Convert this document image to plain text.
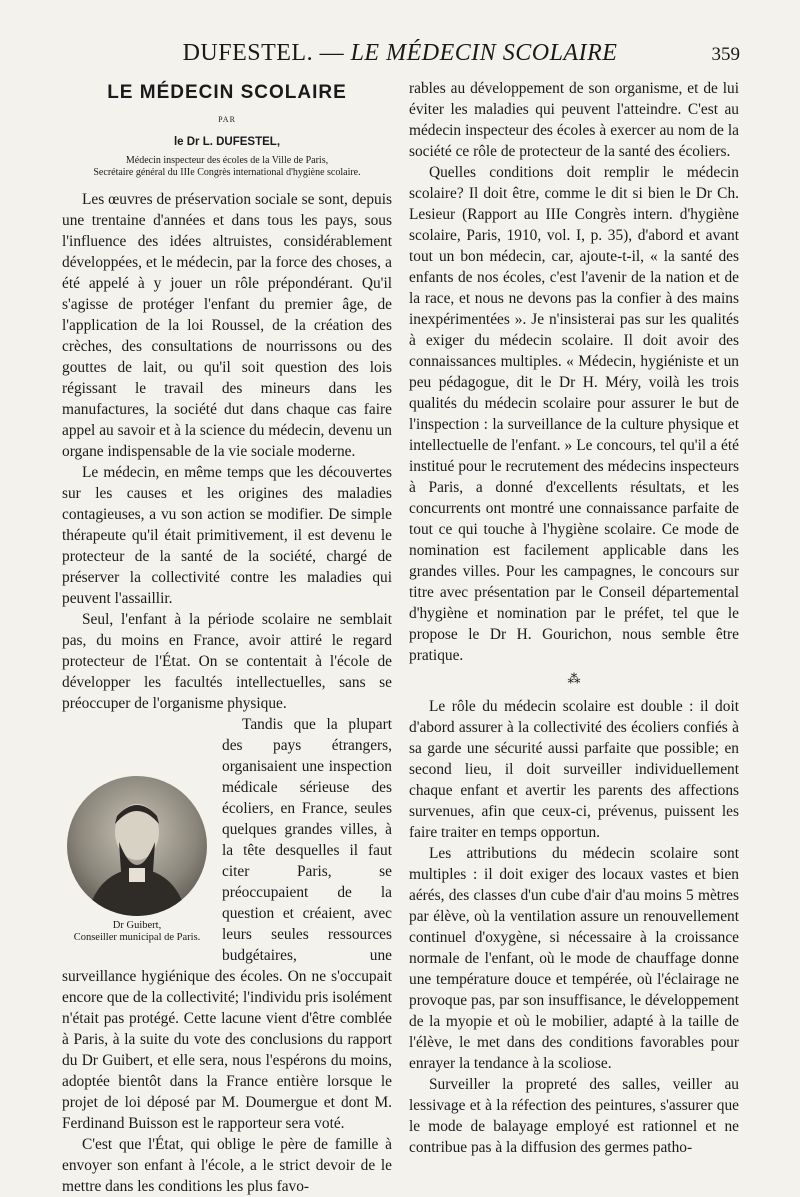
DUFESTEL. — LE MÉDECIN SCOLAIRE	359
LE MÉDECIN SCOLAIRE
PAR
le Dr L. DUFESTEL,
Médecin inspecteur des écoles de la Ville de Paris,
Secrétaire général du IIIe Congrès international d'hygiène scolaire.

Les œuvres de préservation sociale se sont, depuis une trentaine d'années et dans tous les pays, sous l'influence des idées altruistes, considérablement développées, et le médecin, par la force des choses, a été appelé à y jouer un rôle prépondérant. Qu'il s'agisse de protéger l'enfant du premier âge, de l'application de la loi Roussel, de la création des crèches, des consultations de nourrissons ou des gouttes de lait, ou qu'il soit question des lois régissant le travail des mineurs dans les manufactures, la société dut dans chaque cas faire appel au savoir et à la science du médecin, devenu un organe indispensable de la vie sociale moderne.

Le médecin, en même temps que les découvertes sur les causes et les origines des maladies contagieuses, a vu son action se modifier. De simple thérapeute qu'il était primitivement, il est devenu le protecteur de la santé de la société, chargé de préserver la collectivité contre les maladies qui peuvent l'assaillir.

Seul, l'enfant à la période scolaire ne semblait pas, du moins en France, avoir attiré le regard protecteur de l'État. On se contentait à l'école de développer les facultés intellectuelles, sans se préoccuper de l'organisme physique.

Dr Guibert,
Conseiller municipal de Paris.

Tandis que la plupart des pays étrangers, organisaient une inspection médicale sérieuse des écoliers, en France, seules quelques grandes villes, à la tête desquelles il faut citer Paris, se préoccupaient de la question et créaient, avec leurs seules ressources budgétaires, une surveillance hygiénique des écoles. On ne s'occupait encore que de la collectivité; l'individu pris isolément n'était pas protégé. Cette lacune vient d'être comblée à Paris, à la suite du vote des conclusions du rapport du Dr Guibert, et elle sera, nous l'espérons du moins, adoptée bientôt dans la France entière lorsque le projet de loi déposé par M. Doumergue et dont M. Ferdinand Buisson est le rapporteur sera voté.

C'est que l'État, qui oblige le père de famille à envoyer son enfant à l'école, a le strict devoir de le mettre dans les conditions les plus favo-

rables au développement de son organisme, et de lui éviter les maladies qui peuvent l'atteindre. C'est au médecin inspecteur des écoles à exercer au nom de la société ce rôle de protecteur de la santé des écoliers.

Quelles conditions doit remplir le médecin scolaire? Il doit être, comme le dit si bien le Dr Ch. Lesieur (Rapport au IIIe Congrès intern. d'hygiène scolaire, Paris, 1910, vol. I, p. 35), d'abord et avant tout un bon médecin, car, ajoute-t-il, « la santé des enfants de nos écoles, c'est l'avenir de la nation et de la race, et nous ne devons pas la confier à des mains inexpérimentées ». Je n'insisterai pas sur les qualités à exiger du médecin scolaire. Il doit avoir des connaissances multiples. « Médecin, hygiéniste et un peu pédagogue, dit le Dr H. Méry, voilà les trois qualités du médecin scolaire pour assurer le but de l'inspection : la surveillance de la culture physique et intellectuelle de l'enfant. » Le concours, tel qu'il a été institué pour le recrutement des médecins inspecteurs à Paris, a donné d'excellents résultats, et les concurrents ont montré une connaissance parfaite de tout ce qui touche à l'hygiène scolaire. Ce mode de nomination est facilement applicable dans les grandes villes. Pour les campagnes, le concours sur titre avec présentation par le Conseil départemental d'hygiène et nomination par le préfet, tel que le propose le Dr H. Gourichon, nous semble être pratique.

⁂

Le rôle du médecin scolaire est double : il doit d'abord assurer à la collectivité des écoliers confiés à sa garde une sécurité aussi parfaite que possible; en second lieu, il doit surveiller individuellement chaque enfant et avertir les parents des affections survenues, afin que ceux-ci, prévenus, puissent les faire traiter en temps opportun.

Les attributions du médecin scolaire sont multiples : il doit exiger des locaux vastes et bien aérés, des classes d'un cube d'air d'au moins 5 mètres par élève, où la ventilation assure un renouvellement continuel d'oxygène, si nécessaire à la croissance normale de l'enfant, où le mode de chauffage donne une température douce et tempérée, où l'éclairage ne provoque pas, par son insuffisance, le développement de la myopie et où le mobilier, adapté à la taille de l'élève, le met dans des conditions favorables pour enrayer la tendance à la scoliose.

Surveiller la propreté des salles, veiller au lessivage et à la réfection des peintures, s'assurer que le mode de balayage employé est rationnel et ne contribue pas à la diffusion des germes patho-
